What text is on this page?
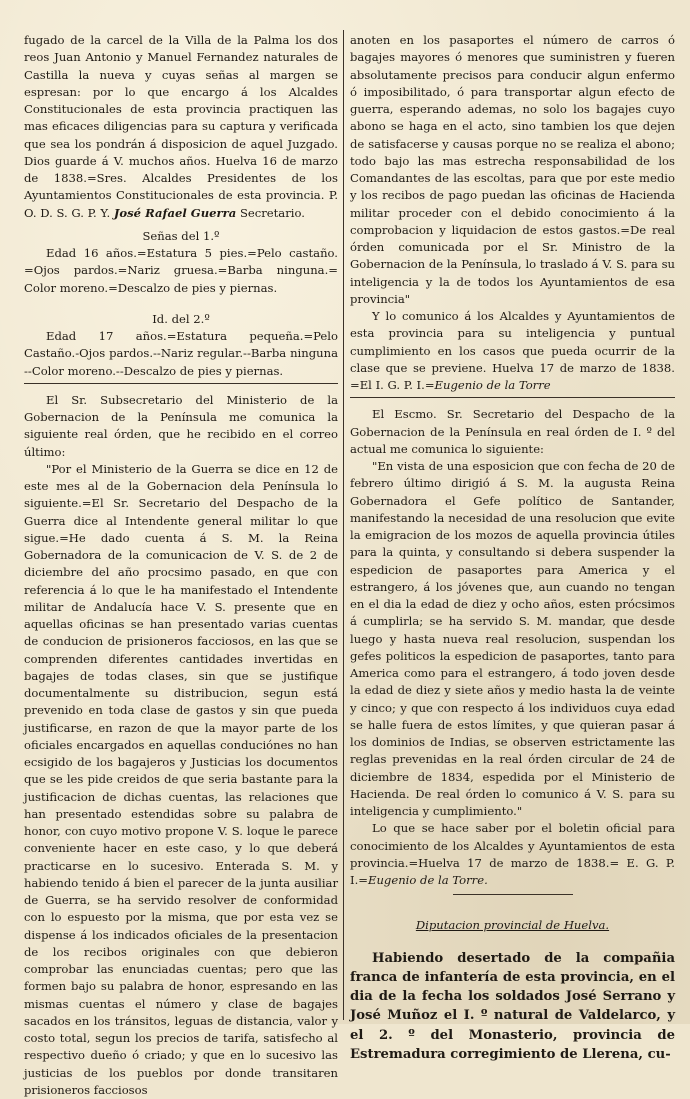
fugado de la carcel de la Villa de la Palma los dos reos Juan Antonio y Manuel Fernandez naturales de Castilla la nueva y cuyas señas al margen se espresan: por lo que encargo á los Alcaldes Constitucionales de esta provincia practiquen las mas eficaces diligencias para su captura y verificada que sea los pondrán á disposicion de aquel Juzgado. Dios guarde á V. muchos años. Huelva 16 de marzo de 1838.=Sres. Alcaldes Presidentes de los Ayuntamientos Constitucionales de esta provincia. P. O. D. S. G. P. Y. José Rafael Guerra Secretario.

Señas del 1.º

Edad 16 años.=Estatura 5 pies.=Pelo castaño. =Ojos pardos.=Nariz gruesa.=Barba ninguna.= Color moreno.=Descalzo de pies y piernas.

Id. del 2.º

Edad 17 años.=Estatura pequeña.=Pelo Castaño.-Ojos pardos.--Nariz regular.--Barba ninguna --Color moreno.--Descalzo de pies y piernas.

El Sr. Subsecretario del Ministerio de la Gobernacion de la Península me comunica la siguiente real órden, que he recibido en el correo último:

"Por el Ministerio de la Guerra se dice en 12 de este mes al de la Gobernacion dela Península lo siguiente.=El Sr. Secretario del Despacho de la Guerra dice al Intendente general militar lo que sigue.=He dado cuenta á S. M. la Reina Gobernadora de la comunicacion de V. S. de 2 de diciembre del año procsimo pasado, en que con referencia á lo que le ha manifestado el Intendente militar de Andalucía hace V. S. presente que en aquellas oficinas se han presentado varias cuentas de conducion de prisioneros facciosos, en las que se comprenden diferentes cantidades invertidas en bagajes de todas clases, sin que se justifique documentalmente su distribucion, segun está prevenido en toda clase de gastos y sin que pueda justificarse, en razon de que la mayor parte de los oficiales encargados en aquellas conduciónes no han ecsigido de los bagajeros y Justicias los documentos que se les pide creidos de que seria bastante para la justificacion de dichas cuentas, las relaciones que han presentado estendidas sobre su palabra de honor, con cuyo motivo propone V. S. loque le parece conveniente hacer en este caso, y lo que deberá practicarse en lo sucesivo. Enterada S. M. y habiendo tenido á bien el parecer de la junta ausiliar de Guerra, se ha servido resolver de conformidad con lo espuesto por la misma, que por esta vez se dispense á los indicados oficiales de la presentacion de los recibos originales con que debieron comprobar las enunciadas cuentas; pero que las formen bajo su palabra de honor, espresando en las mismas cuentas el número y clase de bagajes sacados en los tránsitos, leguas de distancia, valor y costo total, segun los precios de tarifa, satisfecho al respectivo dueño ó criado; y que en lo sucesivo las justicias de los pueblos por donde transitaren prisioneros facciosos

anoten en los pasaportes el número de carros ó bagajes mayores ó menores que suministren y fueren absolutamente precisos para conducir algun enfermo ó imposibilitado, ó para transportar algun efecto de guerra, esperando ademas, no solo los bagajes cuyo abono se haga en el acto, sino tambien los que dejen de satisfacerse y causas porque no se realiza el abono; todo bajo las mas estrecha responsabilidad de los Comandantes de las escoltas, para que por este medio y los recibos de pago puedan las oficinas de Hacienda militar proceder con el debido conocimiento á la comprobacion y liquidacion de estos gastos.=De real órden comunicada por el Sr. Ministro de la Gobernacion de la Península, lo traslado á V. S. para su inteligencia y la de todos los Ayuntamientos de esa provincia"

Y lo comunico á los Alcaldes y Ayuntamientos de esta provincia para su inteligencia y puntual cumplimiento en los casos que pueda ocurrir de la clase que se previene. Huelva 17 de marzo de 1838. =El I. G. P. I.=Eugenio de la Torre

El Escmo. Sr. Secretario del Despacho de la Gobernacion de la Península en real órden de I. º del actual me comunica lo siguiente:

"En vista de una esposicion que con fecha de 20 de febrero último dirigió á S. M. la augusta Reina Gobernadora el Gefe político de Santander, manifestando la necesidad de una resolucion que evite la emigracion de los mozos de aquella provincia útiles para la quinta, y consultando si debera suspender la espedicion de pasaportes para America y el estrangero, á los jóvenes que, aun cuando no tengan en el dia la edad de diez y ocho años, esten prócsimos á cumplirla; se ha servido S. M. mandar, que desde luego y hasta nueva real resolucion, suspendan los gefes politicos la espedicion de pasaportes, tanto para America como para el estrangero, á todo joven desde la edad de diez y siete años y medio hasta la de veinte y cinco; y que con respecto á los individuos cuya edad se halle fuera de estos límites, y que quieran pasar á los dominios de Indias, se observen estrictamente las reglas prevenidas en la real órden circular de 24 de diciembre de 1834, espedida por el Ministerio de Hacienda. De real órden lo comunico á V. S. para su inteligencia y cumplimiento."

Lo que se hace saber por el boletin oficial para conocimiento de los Alcaldes y Ayuntamientos de esta provincia.=Huelva 17 de marzo de 1838.= E. G. P. I.=Eugenio de la Torre.

Diputacion provincial de Huelva.

Habiendo desertado de la compañia franca de infantería de esta provincia, en el dia de la fecha los soldados José Serrano y José Muñoz el I. º natural de Valdelarco, y el 2. º del Monasterio, provincia de Estremadura corregimiento de Llerena, cu-
